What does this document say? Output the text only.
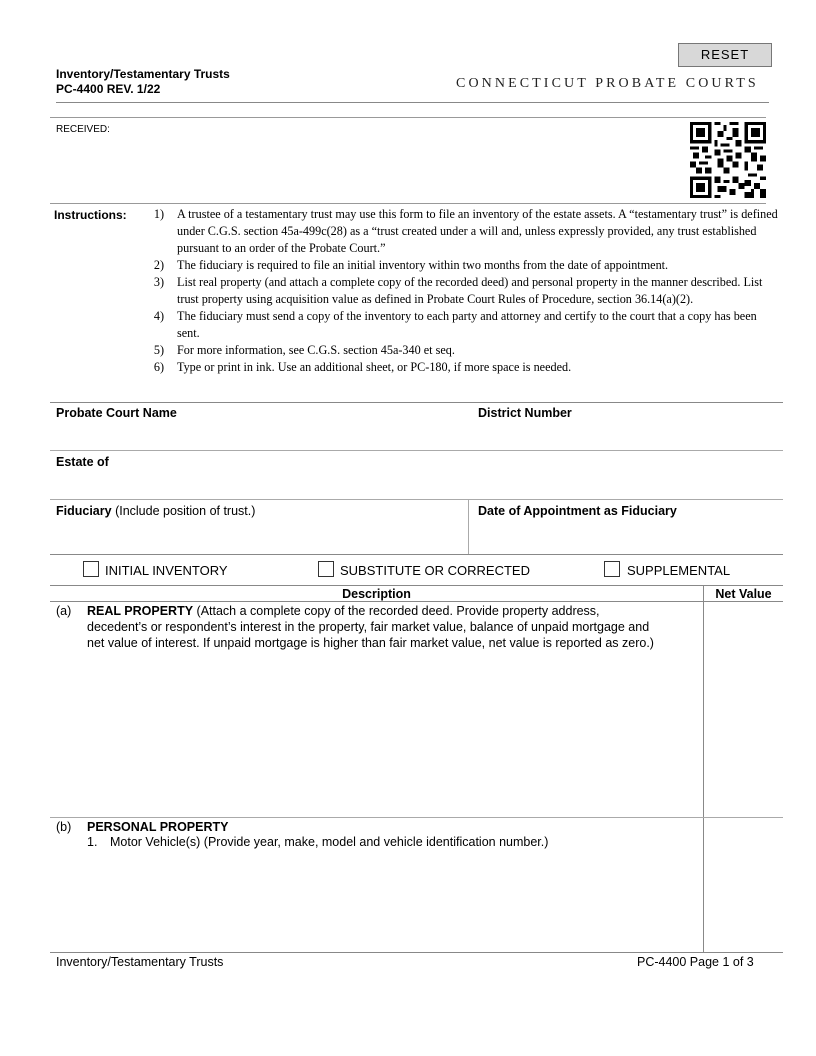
RESET
Inventory/Testamentary Trusts
PC-4400 REV. 1/22	CONNECTICUT PROBATE COURTS
RECEIVED:
Instructions:	1) A trustee of a testamentary trust may use this form to file an inventory of the estate assets. A “testamentary trust” is defined under C.G.S. section 45a-499c(28) as a “trust created under a will and, unless expressly provided, any trust established pursuant to an order of the Probate Court.”
2) The fiduciary is required to file an initial inventory within two months from the date of appointment.
3) List real property (and attach a complete copy of the recorded deed) and personal property in the manner described. List trust property using acquisition value as defined in Probate Court Rules of Procedure, section 36.14(a)(2).
4) The fiduciary must send a copy of the inventory to each party and attorney and certify to the court that a copy has been sent.
5) For more information, see C.G.S. section 45a-340 et seq.
6) Type or print in ink. Use an additional sheet, or PC-180, if more space is needed.
Probate Court Name	District Number
Estate of
Fiduciary (Include position of trust.)	Date of Appointment as Fiduciary
INITIAL INVENTORY	SUBSTITUTE OR CORRECTED	SUPPLEMENTAL
Description	Net Value
(a) REAL PROPERTY (Attach a complete copy of the recorded deed. Provide property address,
decedent’s or respondent’s interest in the property, fair market value, balance of unpaid mortgage and
net value of interest. If unpaid mortgage is higher than fair market value, net value is reported as zero.)
(b) PERSONAL PROPERTY
1. Motor Vehicle(s) (Provide year, make, model and vehicle identification number.)
Inventory/Testamentary Trusts	PC-4400 Page 1 of 3
